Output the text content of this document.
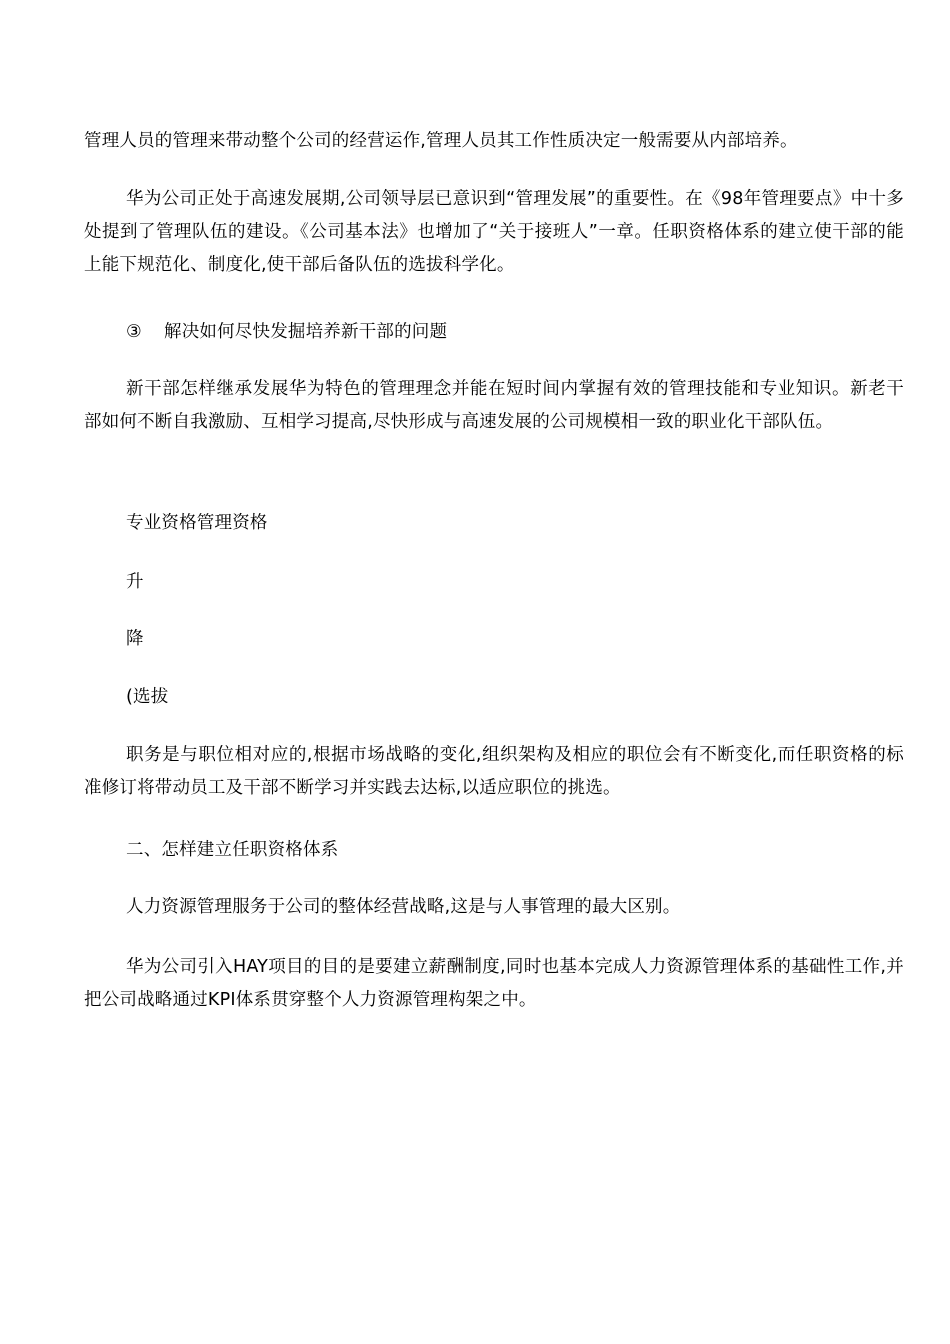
管理人员的管理来带动整个公司的经营运作,管理人员其工作性质决定一般需要从内部培养。

华为公司正处于高速发展期,公司领导层已意识到“管理发展”的重要性。在《98年管理要点》中十多处提到了管理队伍的建设。《公司基本法》也增加了“关于接班人”一章。任职资格体系的建立使干部的能上能下规范化、制度化,使干部后备队伍的选拔科学化。

③ 解决如何尽快发掘培养新干部的问题

新干部怎样继承发展华为特色的管理理念并能在短时间内掌握有效的管理技能和专业知识。新老干部如何不断自我激励、互相学习提高,尽快形成与高速发展的公司规模相一致的职业化干部队伍。

专业资格管理资格

升

降

(选拔

职务是与职位相对应的,根据市场战略的变化,组织架构及相应的职位会有不断变化,而任职资格的标准修订将带动员工及干部不断学习并实践去达标,以适应职位的挑选。

二、怎样建立任职资格体系

人力资源管理服务于公司的整体经营战略,这是与人事管理的最大区别。

华为公司引入HAY项目的目的是要建立薪酬制度,同时也基本完成人力资源管理体系的基础性工作,并把公司战略通过KPI体系贯穿整个人力资源管理构架之中。
